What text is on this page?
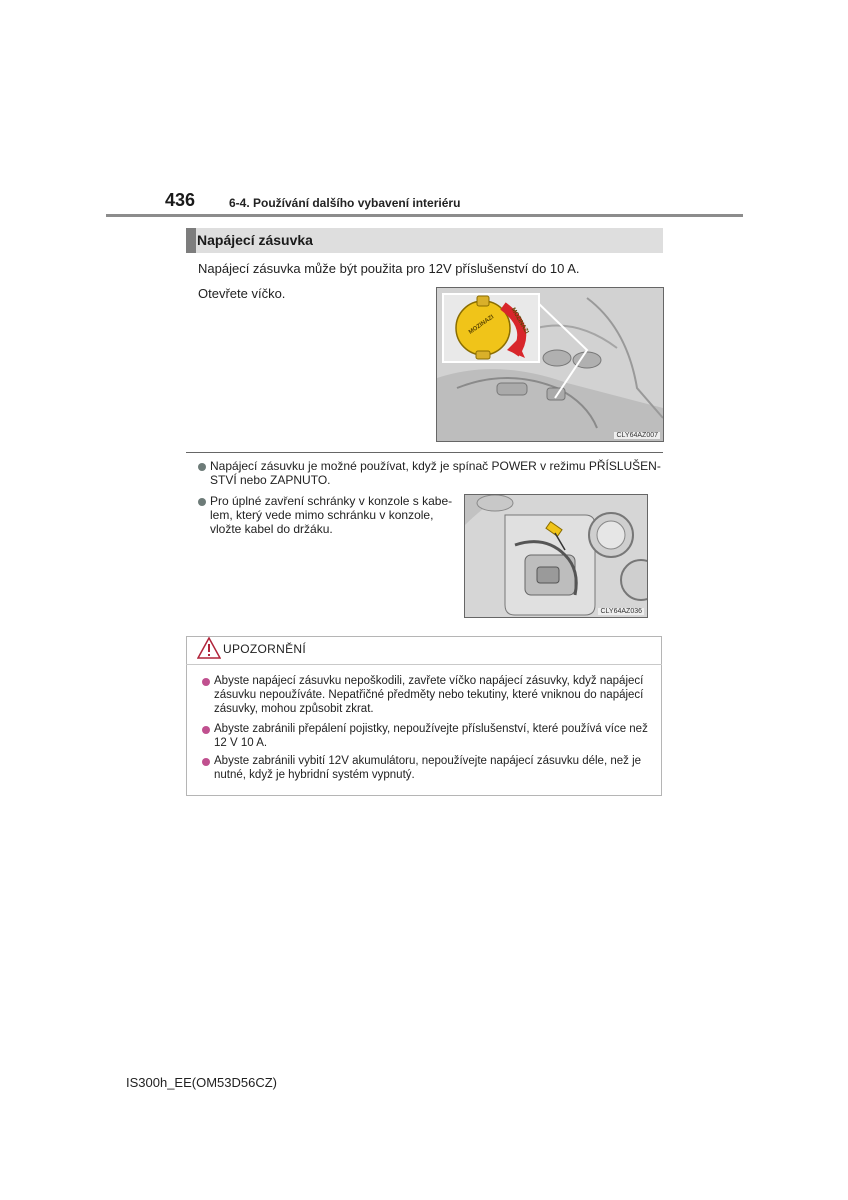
436	6-4. Používání dalšího vybavení interiéru
Napájecí zásuvka
Napájecí zásuvka může být použita pro 12V příslušenství do 10 A.
Otevřete víčko.
CLY64AZ007
MOZINAZI MOZINAZI
Napájecí zásuvku je možné používat, když je spínač POWER v režimu PŘÍSLUŠEN-
STVÍ nebo ZAPNUTO.
Pro úplné zavření schránky v konzole s kabe-
lem, který vede mimo schránku v konzole,
vložte kabel do držáku.
CLY64AZ036
UPOZORNĚNÍ
Abyste napájecí zásuvku nepoškodili, zavřete víčko napájecí zásuvky, když napájecí
zásuvku nepoužíváte. Nepatřičné předměty nebo tekutiny, které vniknou do napájecí
zásuvky, mohou způsobit zkrat.
Abyste zabránili přepálení pojistky, nepoužívejte příslušenství, které používá více než
12 V 10 A.
Abyste zabránili vybití 12V akumulátoru, nepoužívejte napájecí zásuvku déle, než je
nutné, když je hybridní systém vypnutý.
IS300h_EE(OM53D56CZ)
